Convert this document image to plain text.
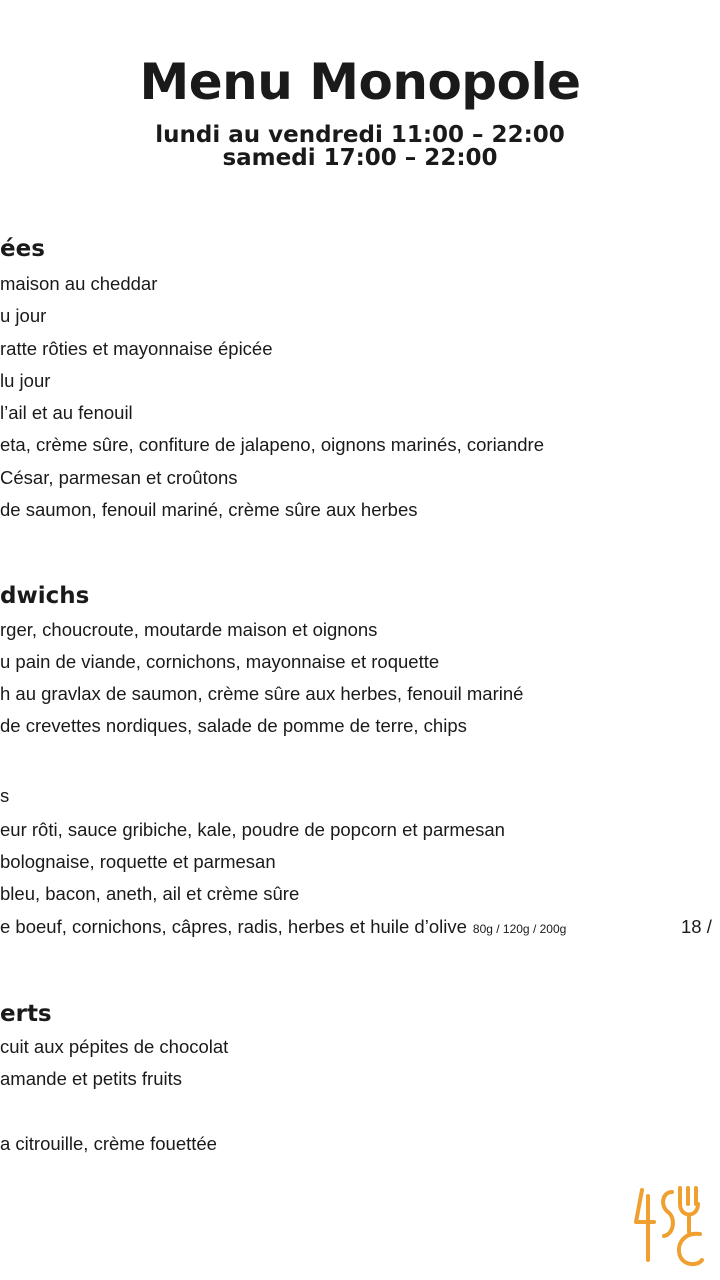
Menu Monopole
lundi au vendredi 11:00 – 22:00
samedi 17:00 – 22:00
ées
maison au cheddar
u jour
ratte rôties et mayonnaise épicée
lu jour
l’ail et au fenouil
eta, crème sûre, confiture de jalapeno, oignons marinés, coriandre
César, parmesan et croûtons
de saumon, fenouil mariné, crème sûre aux herbes
dwichs
rger, choucroute, moutarde maison et oignons
u pain de viande, cornichons, mayonnaise et roquette
h au gravlax de saumon, crème sûre aux herbes, fenouil mariné
de crevettes nordiques, salade de pomme de terre, chips
s
eur rôti, sauce gribiche, kale, poudre de popcorn et parmesan
bolognaise, roquette et parmesan
bleu, bacon, aneth, ail et crème sûre
e boeuf, cornichons, câpres, radis, herbes et huile d’olive 80g / 120g / 200g	18 /
erts
cuit aux pépites de chocolat
amande et petits fruits
a citrouille, crème fouettée
